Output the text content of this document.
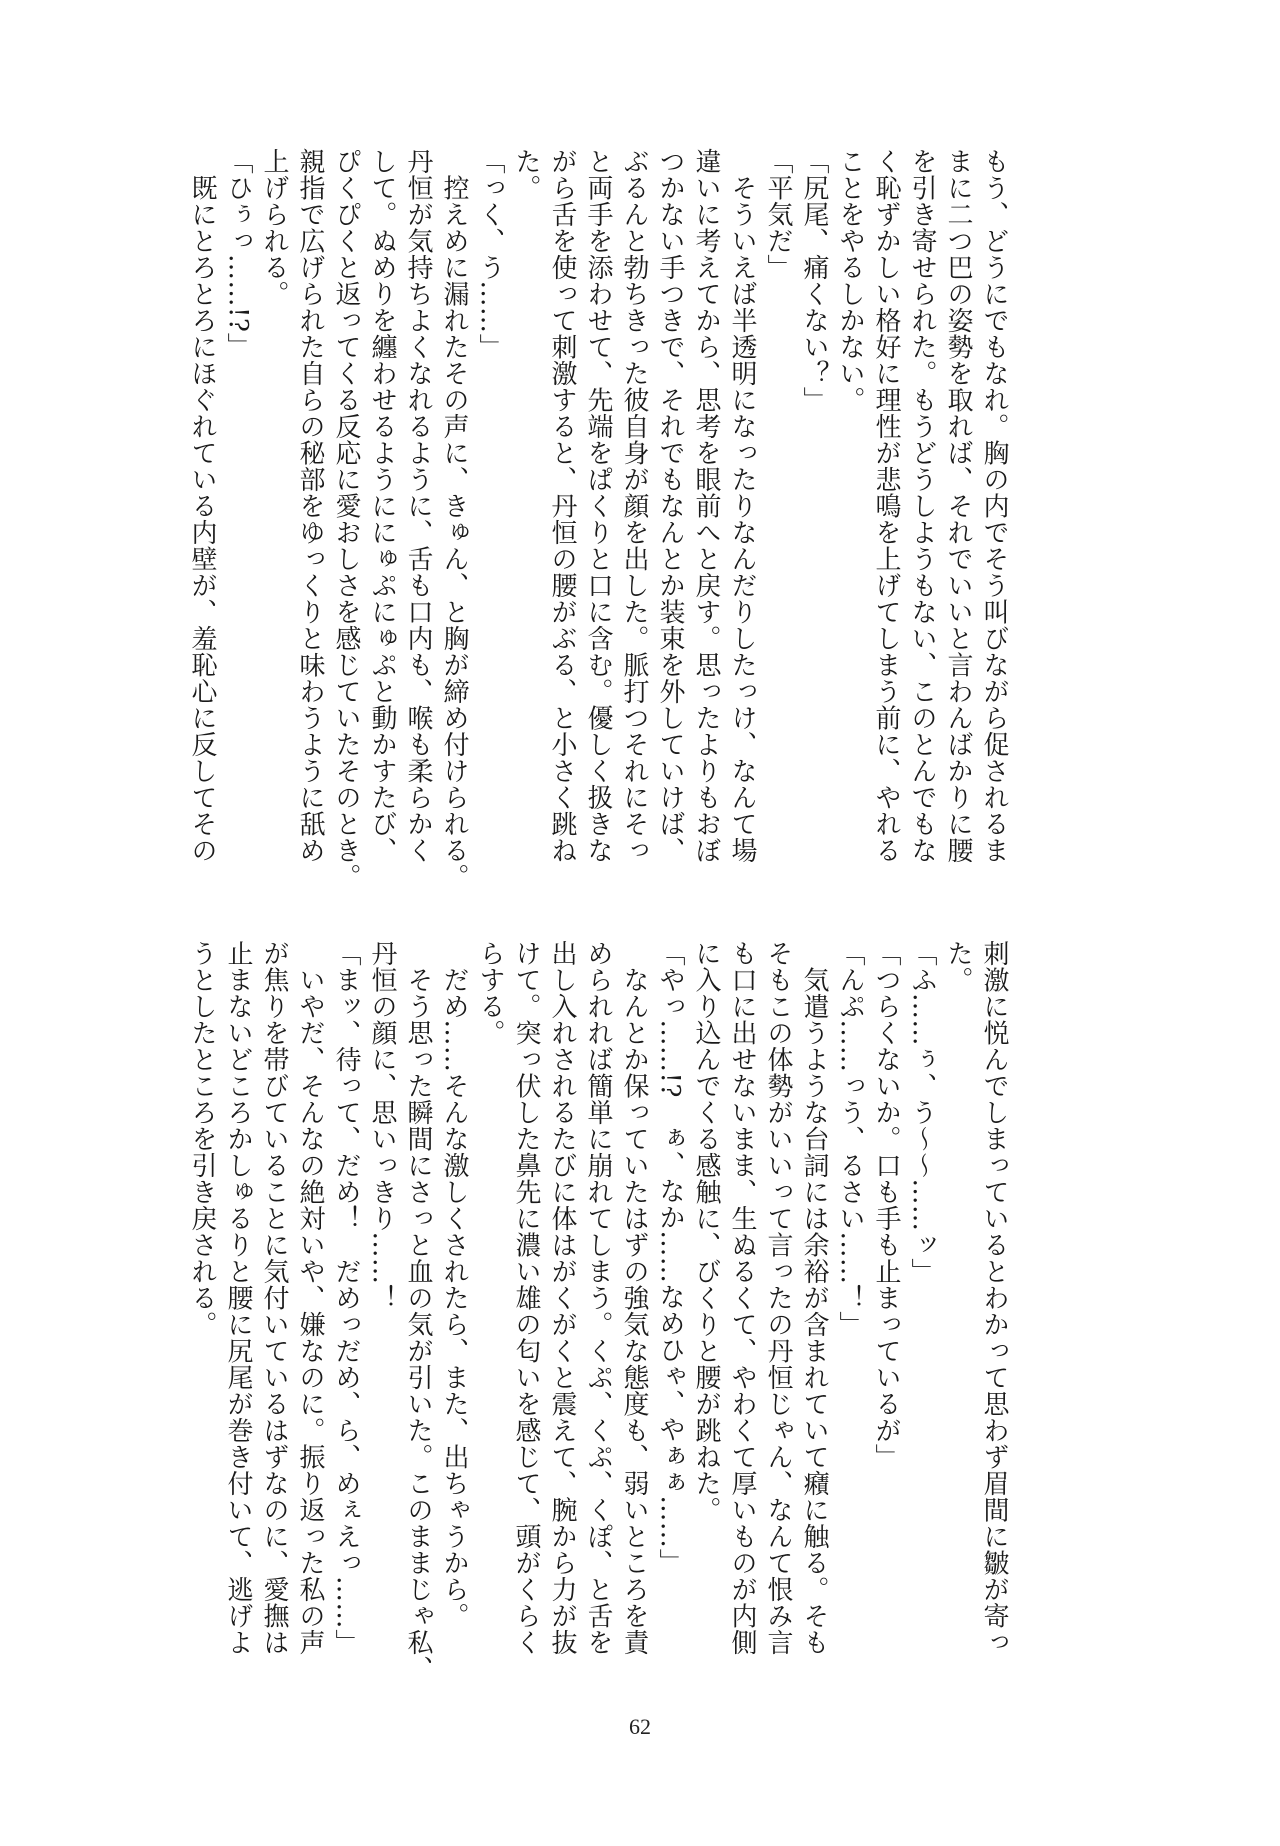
もう、どうにでもなれ。胸の内でそう叫びながら促されるま

まに二つ巴の姿勢を取れば、それでいいと言わんばかりに腰

を引き寄せられた。もうどうしようもない、このとんでもな

く恥ずかしい格好に理性が悲鳴を上げてしまう前に、やれる

ことをやるしかない。

「尻尾、痛くない？」

「平気だ」

　そういえば半透明になったりなんだりしたっけ、なんて場

違いに考えてから、思考を眼前へと戻す。思ったよりもおぼ

つかない手つきで、それでもなんとか装束を外していけば、

ぶるんと勃ちきった彼自身が顔を出した。脈打つそれにそっ

と両手を添わせて、先端をぱくりと口に含む。優しく扱きな

がら舌を使って刺激すると、丹恒の腰がぶる、と小さく跳ね

た。

「っく、う……」

　控えめに漏れたその声に、きゅん、と胸が締め付けられる。

丹恒が気持ちよくなれるように、舌も口内も、喉も柔らかく

して。ぬめりを纏わせるようににゅぷにゅぷと動かすたび、

ぴくぴくと返ってくる反応に愛おしさを感じていたそのとき。

親指で広げられた自らの秘部をゆっくりと味わうように舐め

上げられる。

「ひぅっ……!?」

　既にとろとろにほぐれている内壁が、羞恥心に反してその

刺激に悦んでしまっているとわかって思わず眉間に皺が寄っ

た。

「ふ……ぅ、う〜〜……ッ」

「つらくないか。口も手も止まっているが」

「んぷ……っう、るさい……！」

　気遣うような台詞には余裕が含まれていて癪に触る。そも

そもこの体勢がいいって言ったの丹恒じゃん、なんて恨み言

も口に出せないまま、生ぬるくて、やわくて厚いものが内側

に入り込んでくる感触に、びくりと腰が跳ねた。

「やっ……!?　ぁ、なか……なめひゃ、やぁぁ……」

　なんとか保っていたはずの強気な態度も、弱いところを責

められれば簡単に崩れてしまう。くぷ、くぷ、くぽ、と舌を

出し入れされるたびに体はがくがくと震えて、腕から力が抜

けて。突っ伏した鼻先に濃い雄の匂いを感じて、頭がくらく

らする。

　だめ……そんな激しくされたら、また、出ちゃうから。

　そう思った瞬間にさっと血の気が引いた。このままじゃ私、

丹恒の顔に、思いっきり……！

「まッ、待って、だめ！　だめっだめ、ら、めぇえっ……」

　いやだ、そんなの絶対いや、嫌なのに。振り返った私の声

が焦りを帯びていることに気付いているはずなのに、愛撫は

止まないどころかしゅるりと腰に尻尾が巻き付いて、逃げよ

うとしたところを引き戻される。

62
